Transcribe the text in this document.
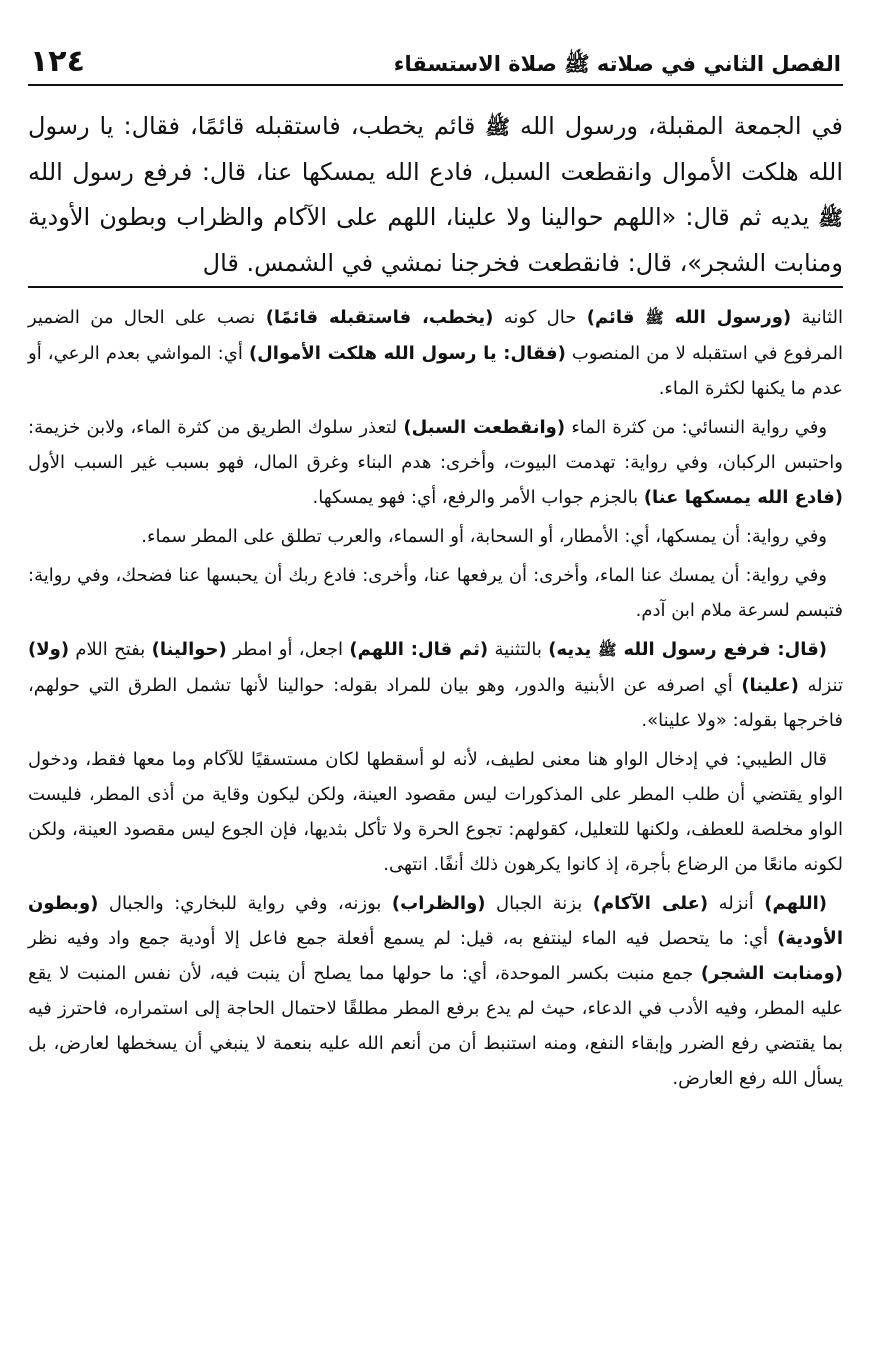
الفصل الثاني في صلاته ﷺ صلاة الاستسقاء
١٢٤
في الجمعة المقبلة، ورسول الله ﷺ قائم يخطب، فاستقبله قائمًا، فقال: يا رسول الله هلكت الأموال وانقطعت السبل، فادع الله يمسكها عنا، قال: فرفع رسول الله ﷺ يديه ثم قال: «اللهم حوالينا ولا علينا، اللهم على الآكام والظراب وبطون الأودية ومنابت الشجر»، قال: فانقطعت فخرجنا نمشي في الشمس. قال

الثانية (ورسول الله ﷺ قائم) حال كونه (يخطب، فاستقبله قائمًا) نصب على الحال من الضمير المرفوع في استقبله لا من المنصوب (فقال: يا رسول الله هلكت الأموال) أي: المواشي بعدم الرعي، أو عدم ما يكنها لكثرة الماء.

وفي رواية النسائي: من كثرة الماء (وانقطعت السبل) لتعذر سلوك الطريق من كثرة الماء، ولابن خزيمة: واحتبس الركبان، وفي رواية: تهدمت البيوت، وأخرى: هدم البناء وغرق المال، فهو بسبب غير السبب الأول (فادع الله يمسكها عنا) بالجزم جواب الأمر والرفع، أي: فهو يمسكها.

وفي رواية: أن يمسكها، أي: الأمطار، أو السحابة، أو السماء، والعرب تطلق على المطر سماء.

وفي رواية: أن يمسك عنا الماء، وأخرى: أن يرفعها عنا، وأخرى: فادع ربك أن يحبسها عنا فضحك، وفي رواية: فتبسم لسرعة ملام ابن آدم.

(قال: فرفع رسول الله ﷺ يديه) بالتثنية (ثم قال: اللهم) اجعل، أو امطر (حوالينا) بفتح اللام (ولا) تنزله (علينا) أي اصرفه عن الأبنية والدور، وهو بيان للمراد بقوله: حوالينا لأنها تشمل الطرق التي حولهم، فاخرجها بقوله: «ولا علينا».

قال الطيبي: في إدخال الواو هنا معنى لطيف، لأنه لو أسقطها لكان مستسقيًا للآكام وما معها فقط، ودخول الواو يقتضي أن طلب المطر على المذكورات ليس مقصود العينة، ولكن ليكون وقاية من أذى المطر، فليست الواو مخلصة للعطف، ولكنها للتعليل، كقولهم: تجوع الحرة ولا تأكل بثديها، فإن الجوع ليس مقصود العينة، ولكن لكونه مانعًا من الرضاع بأجرة، إذ كانوا يكرهون ذلك أنفًا. انتهى.

(اللهم) أنزله (على الآكام) بزنة الجبال (والظراب) بوزنه، وفي رواية للبخاري: والجبال (وبطون الأودية) أي: ما يتحصل فيه الماء لينتفع به، قيل: لم يسمع أفعلة جمع فاعل إلا أودية جمع واد وفيه نظر (ومنابت الشجر) جمع منبت بكسر الموحدة، أي: ما حولها مما يصلح أن ينبت فيه، لأن نفس المنبت لا يقع عليه المطر، وفيه الأدب في الدعاء، حيث لم يدع برفع المطر مطلقًا لاحتمال الحاجة إلى استمراره، فاحترز فيه بما يقتضي رفع الضرر وإبقاء النفع، ومنه استنبط أن من أنعم الله عليه بنعمة لا ينبغي أن يسخطها لعارض، بل يسأل الله رفع العارض.
